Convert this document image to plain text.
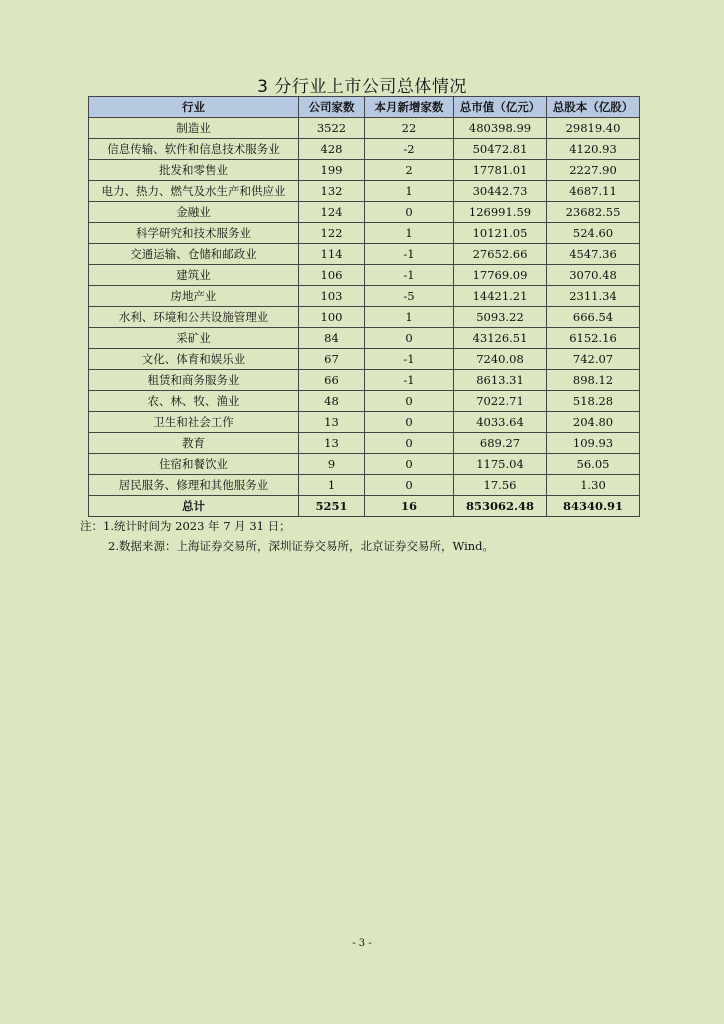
3 分行业上市公司总体情况
行业	公司家数	本月新增家数	总市值（亿元）	总股本（亿股）
制造业	3522	22	480398.99	29819.40
信息传输、软件和信息技术服务业	428	-2	50472.81	4120.93
批发和零售业	199	2	17781.01	2227.90
电力、热力、燃气及水生产和供应业	132	1	30442.73	4687.11
金融业	124	0	126991.59	23682.55
科学研究和技术服务业	122	1	10121.05	524.60
交通运输、仓储和邮政业	114	-1	27652.66	4547.36
建筑业	106	-1	17769.09	3070.48
房地产业	103	-5	14421.21	2311.34
水利、环境和公共设施管理业	100	1	5093.22	666.54
采矿业	84	0	43126.51	6152.16
文化、体育和娱乐业	67	-1	7240.08	742.07
租赁和商务服务业	66	-1	8613.31	898.12
农、林、牧、渔业	48	0	7022.71	518.28
卫生和社会工作	13	0	4033.64	204.80
教育	13	0	689.27	109.93
住宿和餐饮业	9	0	1175.04	56.05
居民服务、修理和其他服务业	1	0	17.56	1.30
总计	5251	16	853062.48	84340.91
注：1.统计时间为 2023 年 7 月 31 日；
2.数据来源：上海证券交易所，深圳证券交易所，北京证券交易所，Wind。
- 3 -
